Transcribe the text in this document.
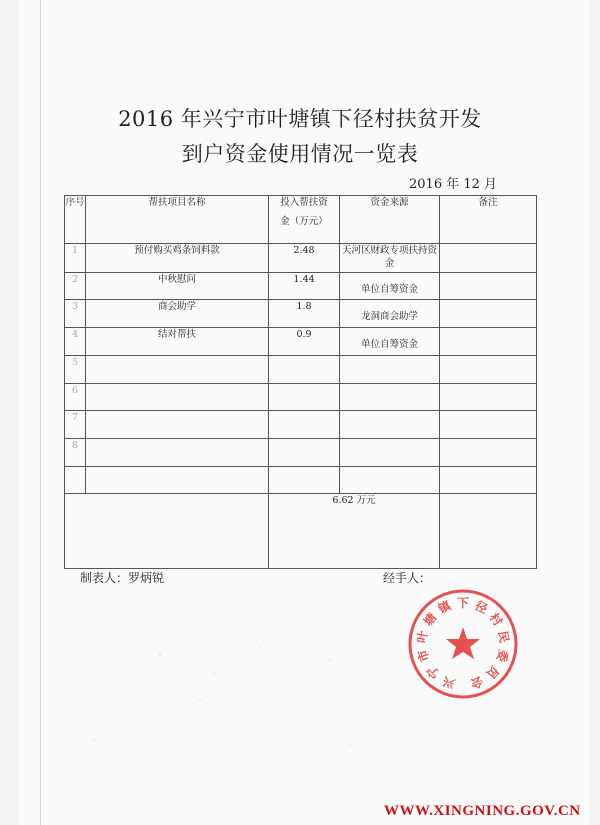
2016 年兴宁市叶塘镇下径村扶贫开发
到户资金使用情况一览表
2016 年 12 月
序号	帮扶项目名称	投入帮扶资
金（万元）	资金来源	备注
1	预付购买鸡条饲料款	2.48	天河区财政专项扶持资金	
2	中秋慰问	1.44	单位自筹资金	
3	商会助学	1.8	龙洞商会助学	
4	结对帮扶	0.9	单位自筹资金	
5				
6				
7				
8				

		6.62 万元		
制表人：罗炳锐	经手人：
兴
宁
市
叶
塘
镇 下 径
村
民
委
员
会
WWW.XINGNING.GOV.CN
